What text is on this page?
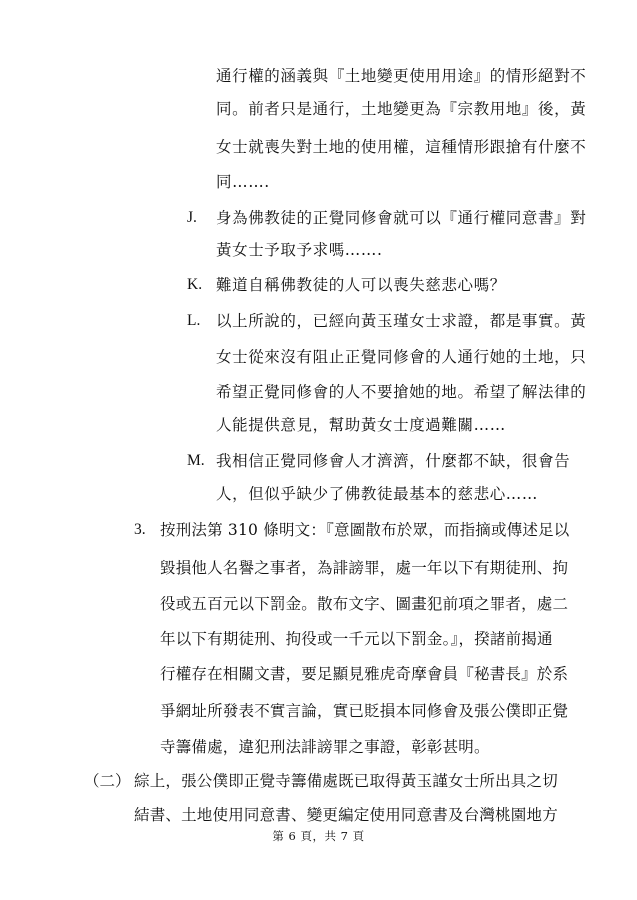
通行權的涵義與『土地變更使用用途』的情形絕對不
同。前者只是通行，土地變更為『宗教用地』後，黃
女士就喪失對土地的使用權，這種情形跟搶有什麼不
同…….
J. 身為佛教徒的正覺同修會就可以『通行權同意書』對
黃女士予取予求嗎…….
K. 難道自稱佛教徒的人可以喪失慈悲心嗎？
L. 以上所說的，已經向黃玉瑾女士求證，都是事實。黃
女士從來沒有阻止正覺同修會的人通行她的土地，只
希望正覺同修會的人不要搶她的地。希望了解法律的
人能提供意見，幫助黃女士度過難關……
M. 我相信正覺同修會人才濟濟，什麼都不缺，很會告
人，但似乎缺少了佛教徒最基本的慈悲心……
3. 按刑法第 310 條明文：『意圖散布於眾，而指摘或傳述足以
毀損他人名譽之事者，為誹謗罪，處一年以下有期徒刑、拘
役或五百元以下罰金。散布文字、圖畫犯前項之罪者，處二
年以下有期徒刑、拘役或一千元以下罰金。』，揆諸前揭通
行權存在相關文書，要足顯見雅虎奇摩會員『秘書長』於系
爭網址所發表不實言論，實已貶損本同修會及張公僕即正覺
寺籌備處，違犯刑法誹謗罪之事證，彰彰甚明。
（二） 綜上，張公僕即正覺寺籌備處既已取得黃玉謹女士所出具之切
結書、土地使用同意書、變更編定使用同意書及台灣桃園地方
第 6 頁，共 7 頁
